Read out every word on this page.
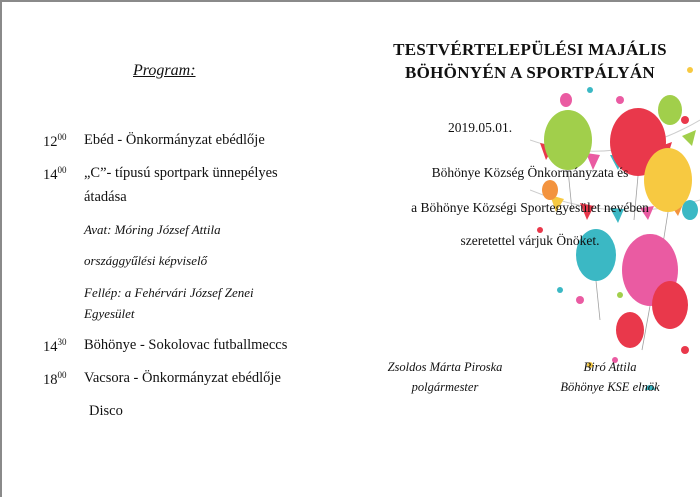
Program:
$12^{00}$ Ebéd - Önkormányzat ebédlője
$14^{00}$ „C”- típusú sportpark ünnepélyes
átadása
Avat: Móring József Attila
országgyűlési képviselő
Fellép: a Fehérvári József Zenei
Egyesület
$14^{30}$ Böhönye - Sokolovac futballmeccs
$18^{00}$ Vacsora - Önkormányzat ebédlője
Disco
TESTVÉRTELEPÜLÉSI MAJÁLIS
BÖHÖNYÉN A SPORTPÁLYÁN
2019.05.01.
Böhönye Község Önkormányzata és
a Böhönye Községi Sportegyesület nevében
szeretettel várjuk Önöket.
Zsoldos Márta Piroska
polgármester
Biró Attila
Böhönye KSE elnök
